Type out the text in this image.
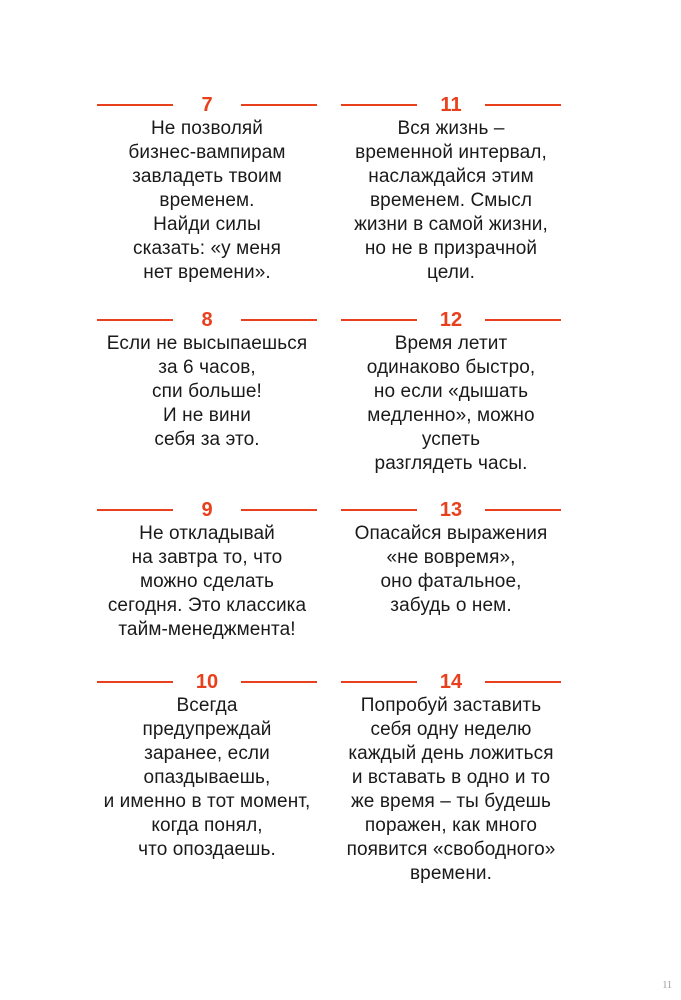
7
Не позволяй
бизнес-вампирам
завладеть твоим
временем.
Найди силы
сказать: «у меня
нет времени».
8
Если не высыпаешься
за 6 часов,
спи больше!
И не вини
себя за это.
9
Не откладывай
на завтра то, что
можно сделать
сегодня. Это классика
тайм-менеджмента!
10
Всегда
предупреждай
заранее, если
опаздываешь,
и именно в тот момент,
когда понял,
что опоздаешь.
11
Вся жизнь –
временной интервал,
наслаждайся этим
временем. Смысл
жизни в самой жизни,
но не в призрачной
цели.
12
Время летит
одинаково быстро,
но если «дышать
медленно», можно
успеть
разглядеть часы.
13
Опасайся выражения
«не вовремя»,
оно фатальное,
забудь о нем.
14
Попробуй заставить
себя одну неделю
каждый день ложиться
и вставать в одно и то
же время – ты будешь
поражен, как много
появится «свободного»
времени.
11
